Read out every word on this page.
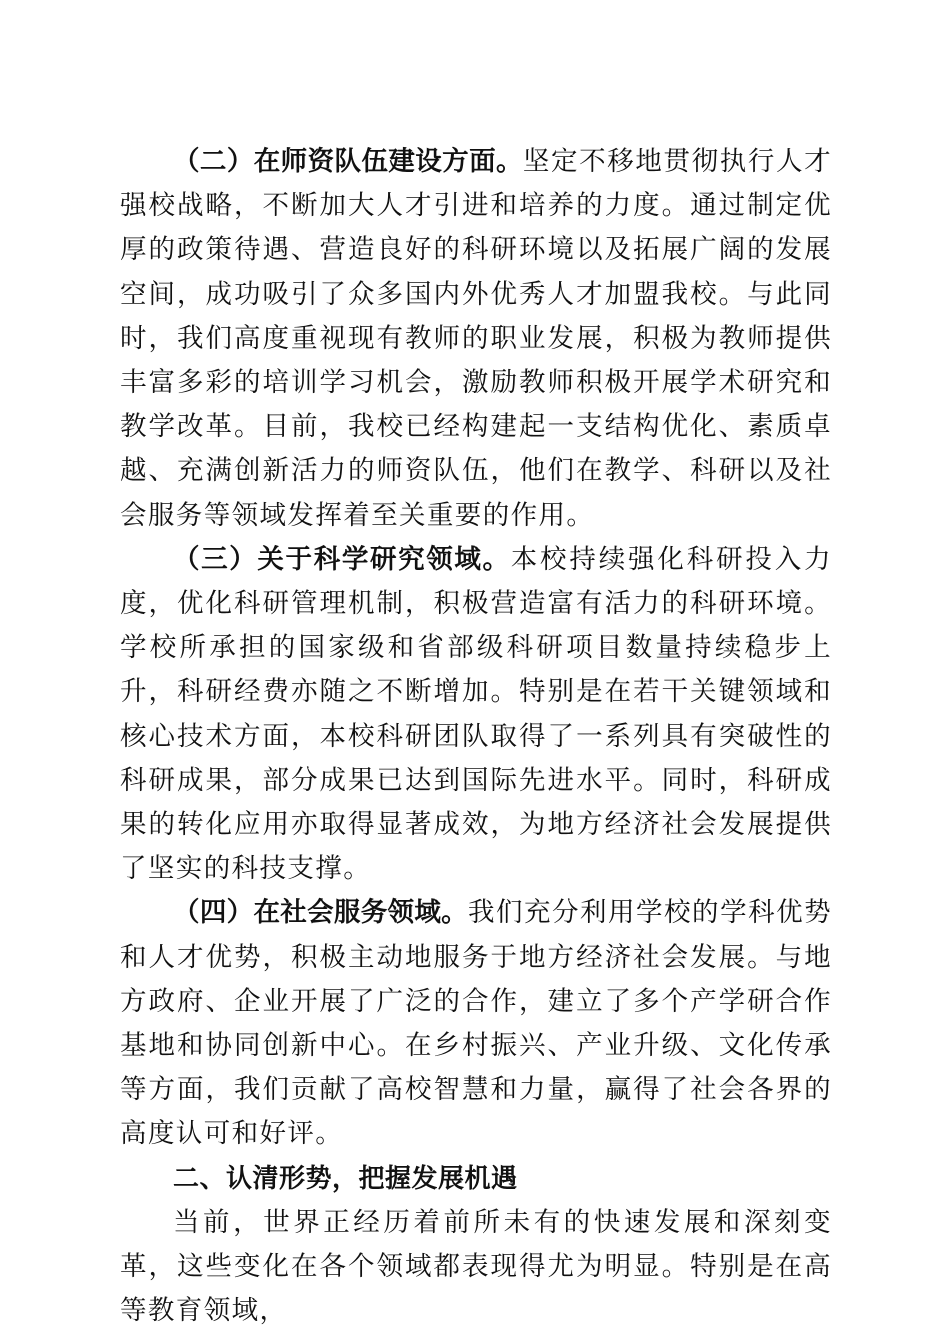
（二）在师资队伍建设方面。坚定不移地贯彻执行人才强校战略，不断加大人才引进和培养的力度。通过制定优厚的政策待遇、营造良好的科研环境以及拓展广阔的发展空间，成功吸引了众多国内外优秀人才加盟我校。与此同时，我们高度重视现有教师的职业发展，积极为教师提供丰富多彩的培训学习机会，激励教师积极开展学术研究和教学改革。目前，我校已经构建起一支结构优化、素质卓越、充满创新活力的师资队伍，他们在教学、科研以及社会服务等领域发挥着至关重要的作用。

（三）关于科学研究领域。本校持续强化科研投入力度，优化科研管理机制，积极营造富有活力的科研环境。学校所承担的国家级和省部级科研项目数量持续稳步上升，科研经费亦随之不断增加。特别是在若干关键领域和核心技术方面，本校科研团队取得了一系列具有突破性的科研成果，部分成果已达到国际先进水平。同时，科研成果的转化应用亦取得显著成效，为地方经济社会发展提供了坚实的科技支撑。

（四）在社会服务领域。我们充分利用学校的学科优势和人才优势，积极主动地服务于地方经济社会发展。与地方政府、企业开展了广泛的合作，建立了多个产学研合作基地和协同创新中心。在乡村振兴、产业升级、文化传承等方面，我们贡献了高校智慧和力量，赢得了社会各界的高度认可和好评。

二、认清形势，把握发展机遇

当前，世界正经历着前所未有的快速发展和深刻变革，这些变化在各个领域都表现得尤为明显。特别是在高等教育领域，
